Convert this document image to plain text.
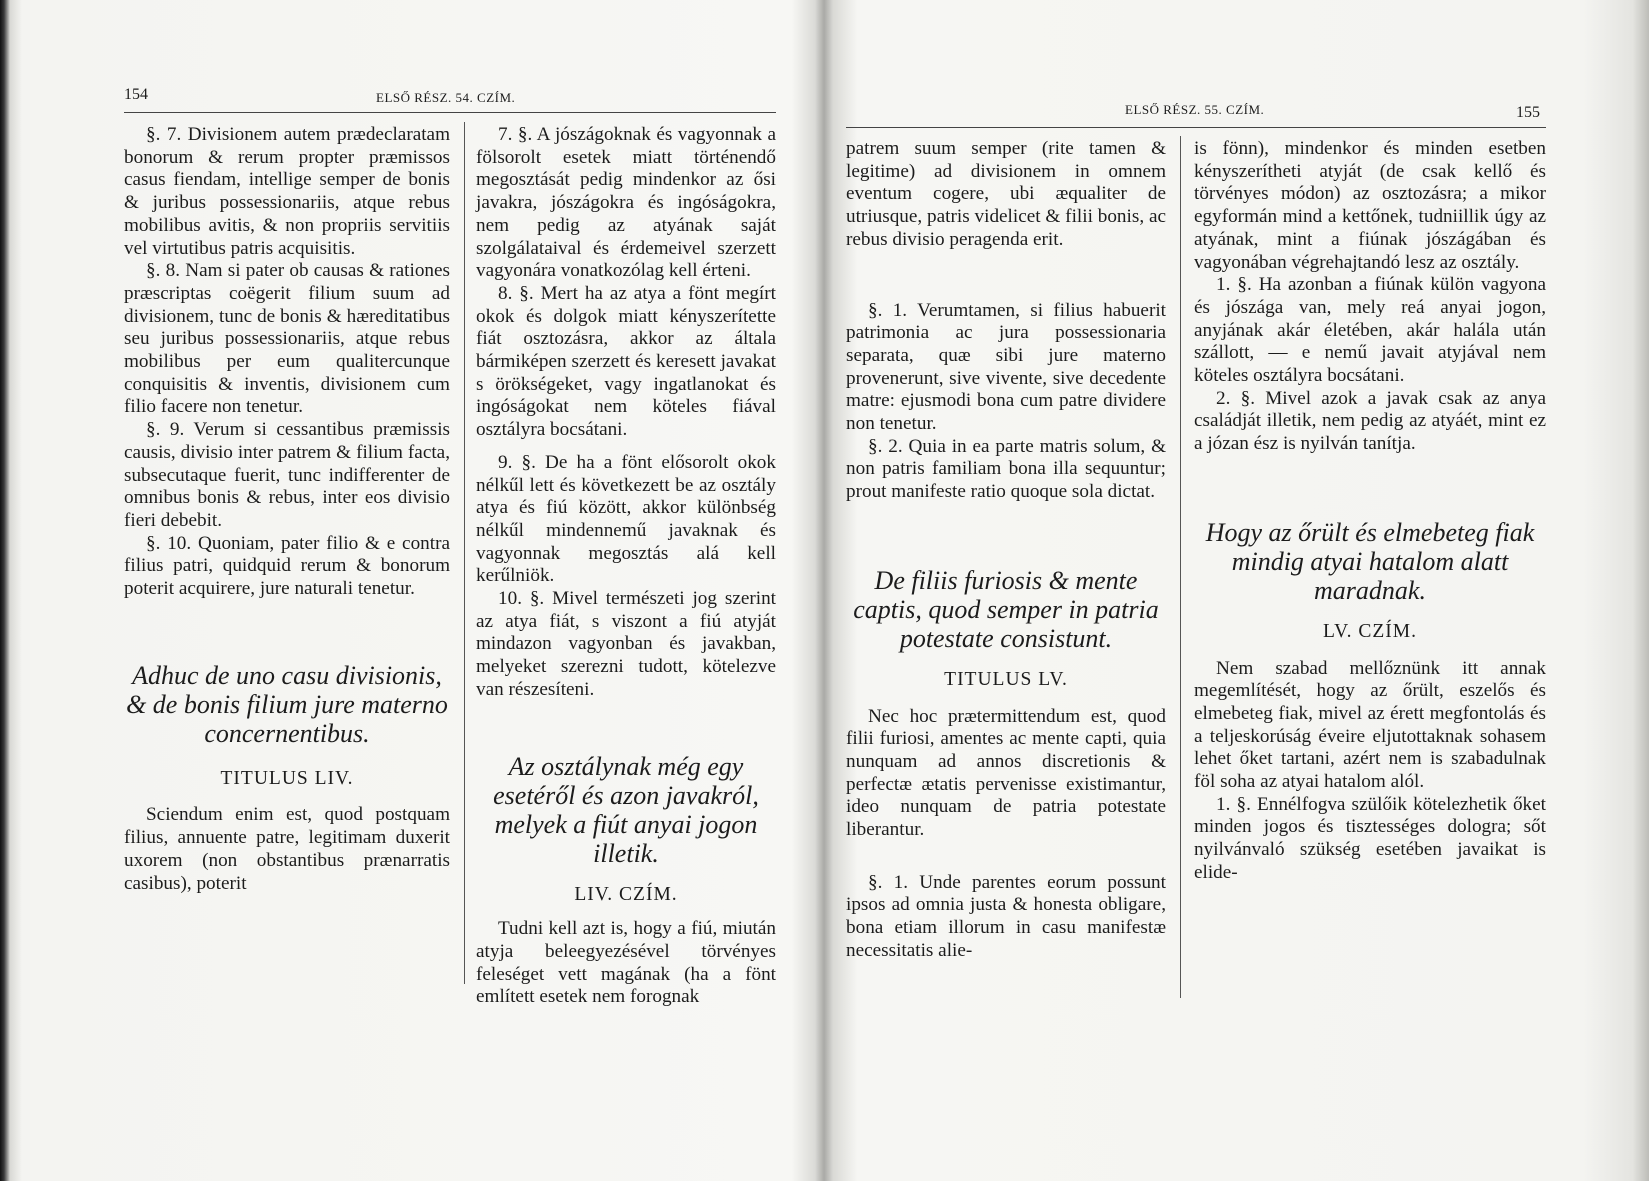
154	ELSŐ RÉSZ. 54. CZÍM.

§. 7. Divisionem autem prædeclaratam bonorum & rerum propter præmissos casus fiendam, intellige semper de bonis & juribus possessionariis, atque rebus mobilibus avitis, & non propriis servitiis vel virtutibus patris acquisitis.

§. 8. Nam si pater ob causas & rationes præscriptas coëgerit filium suum ad divisionem, tunc de bonis & hæreditatibus seu juribus possessionariis, atque rebus mobilibus per eum qualitercunque conquisitis & inventis, divisionem cum filio facere non tenetur.

§. 9. Verum si cessantibus præmissis causis, divisio inter patrem & filium facta, subsecutaque fuerit, tunc indifferenter de omnibus bonis & rebus, inter eos divisio fieri debebit.

§. 10. Quoniam, pater filio & e contra filius patri, quidquid rerum & bonorum poterit acquirere, jure naturali tenetur.

Adhuc de uno casu divisionis, & de bonis filium jure materno concernentibus.
TITULUS LIV.

Sciendum enim est, quod postquam filius, annuente patre, legitimam duxerit uxorem (non obstantibus prænarratis casibus), poterit

7. §. A jószágoknak és vagyonnak a fölsorolt esetek miatt történendő megosztását pedig mindenkor az ősi javakra, jószágokra és ingóságokra, nem pedig az atyának saját szolgálataival és érdemeivel szerzett vagyonára vonatkozólag kell érteni.

8. §. Mert ha az atya a fönt megírt okok és dolgok miatt kényszerítette fiát osztozásra, akkor az általa bármiképen szerzett és keresett javakat s örökségeket, vagy ingatlanokat és ingóságokat nem köteles fiával osztályra bocsátani.

9. §. De ha a fönt elősorolt okok nélkűl lett és következett be az osztály atya és fiú között, akkor különbség nélkűl mindennemű javaknak és vagyonnak megosztás alá kell kerűlniök.

10. §. Mivel természeti jog szerint az atya fiát, s viszont a fiú atyját mindazon vagyonban és javakban, melyeket szerezni tudott, kötelezve van részesíteni.

Az osztálynak még egy esetéről és azon javakról, melyek a fiút anyai jogon illetik.
LIV. CZÍM.

Tudni kell azt is, hogy a fiú, miután atyja beleegyezésével törvényes feleséget vett magának (ha a fönt említett esetek nem forognak

ELSŐ RÉSZ. 55. CZÍM.	155

patrem suum semper (rite tamen & legitime) ad divisionem in omnem eventum cogere, ubi æqualiter de utriusque, patris videlicet & filii bonis, ac rebus divisio peragenda erit.

§. 1. Verumtamen, si filius habuerit patrimonia ac jura possessionaria separata, quæ sibi jure materno provenerunt, sive vivente, sive decedente matre: ejusmodi bona cum patre dividere non tenetur.

§. 2. Quia in ea parte matris solum, & non patris familiam bona illa sequuntur; prout manifeste ratio quoque sola dictat.

De filiis furiosis & mente captis, quod semper in patria potestate consistunt.
TITULUS LV.

Nec hoc prætermittendum est, quod filii furiosi, amentes ac mente capti, quia nunquam ad annos discretionis & perfectæ ætatis pervenisse existimantur, ideo nunquam de patria potestate liberantur.

§. 1. Unde parentes eorum possunt ipsos ad omnia justa & honesta obligare, bona etiam illorum in casu manifestæ necessitatis alie-

is fönn), mindenkor és minden esetben kényszerítheti atyját (de csak kellő és törvényes módon) az osztozásra; a mikor egyformán mind a kettőnek, tudniillik úgy az atyának, mint a fiúnak jószágában és vagyonában végrehajtandó lesz az osztály.

1. §. Ha azonban a fiúnak külön vagyona és jószága van, mely reá anyai jogon, anyjának akár életében, akár halála után szállott, — e nemű javait atyjával nem köteles osztályra bocsátani.

2. §. Mivel azok a javak csak az anya családját illetik, nem pedig az atyáét, mint ez a józan ész is nyilván tanítja.

Hogy az őrült és elmebeteg fiak mindig atyai hatalom alatt maradnak.
LV. CZÍM.

Nem szabad mellőznünk itt annak megemlítését, hogy az őrült, eszelős és elmebeteg fiak, mivel az érett megfontolás és a teljeskorúság éveire eljutottaknak sohasem lehet őket tartani, azért nem is szabadulnak föl soha az atyai hatalom alól.

1. §. Ennélfogva szülőik kötelezhetik őket minden jogos és tisztességes dologra; sőt nyilvánvaló szükség esetében javaikat is elide-
